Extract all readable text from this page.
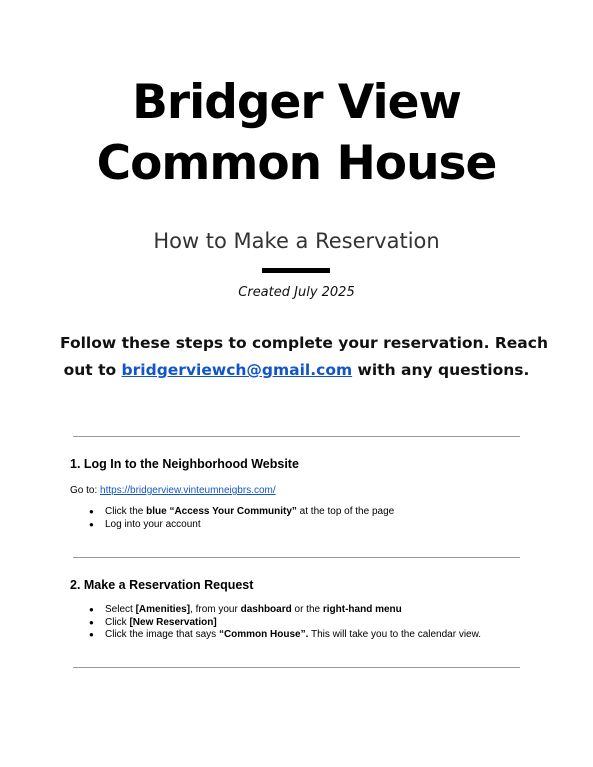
Bridger View
Common House
How to Make a Reservation
Created July 2025
Follow these steps to complete your reservation. Reach
out to bridgerviewch@gmail.com with any questions.
1. Log In to the Neighborhood Website
Go to: https://bridgerview.vinteumneigbrs.com/
● Click the blue “Access Your Community” at the top of the page
● Log into your account
2. Make a Reservation Request
● Select [Amenities], from your dashboard or the right-hand menu
● Click [New Reservation]
● Click the image that says “Common House”. This will take you to the calendar view.
